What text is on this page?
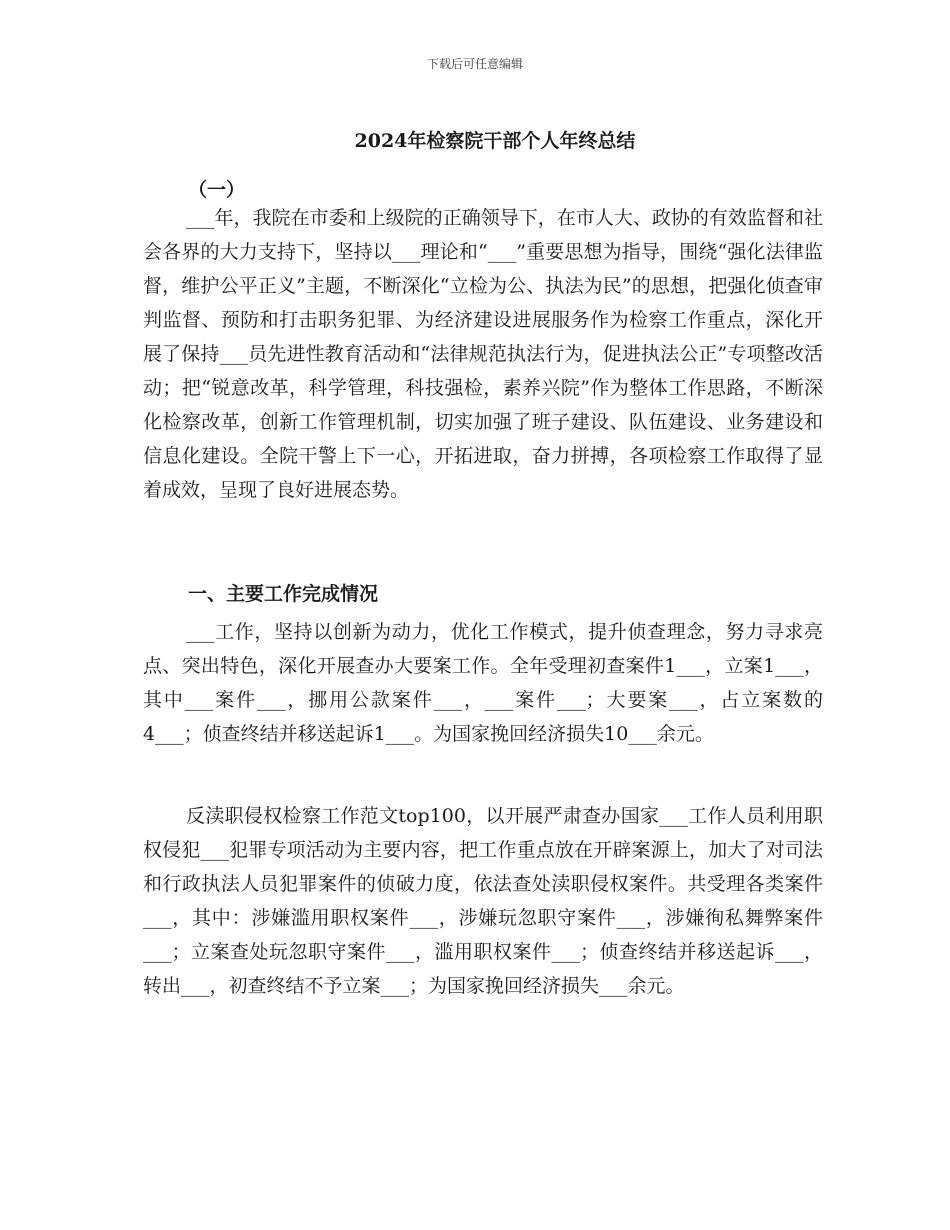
下载后可任意编辑
2024年检察院干部个人年终总结
（一）

___年，我院在市委和上级院的正确领导下，在市人大、政协的有效监督和社会各界的大力支持下，坚持以___理论和“___”重要思想为指导，围绕“强化法律监督，维护公平正义”主题，不断深化“立检为公、执法为民”的思想，把强化侦查审判监督、预防和打击职务犯罪、为经济建设进展服务作为检察工作重点，深化开展了保持___员先进性教育活动和“法律规范执法行为，促进执法公正”专项整改活动；把“锐意改革，科学管理，科技强检，素养兴院”作为整体工作思路，不断深化检察改革，创新工作管理机制，切实加强了班子建设、队伍建设、业务建设和信息化建设。全院干警上下一心，开拓进取，奋力拼搏，各项检察工作取得了显着成效，呈现了良好进展态势。

一、主要工作完成情况

___工作，坚持以创新为动力，优化工作模式，提升侦查理念，努力寻求亮点、突出特色，深化开展查办大要案工作。全年受理初查案件1___，立案1___，其中___案件___，挪用公款案件___，___案件___；大要案___，占立案数的4___；侦查终结并移送起诉1___。为国家挽回经济损失10___余元。

反渎职侵权检察工作范文top100，以开展严肃查办国家___工作人员利用职权侵犯___犯罪专项活动为主要内容，把工作重点放在开辟案源上，加大了对司法和行政执法人员犯罪案件的侦破力度，依法查处渎职侵权案件。共受理各类案件___，其中：涉嫌滥用职权案件___，涉嫌玩忽职守案件___，涉嫌徇私舞弊案件___；立案查处玩忽职守案件___，滥用职权案件___；侦查终结并移送起诉___，转出___，初查终结不予立案___；为国家挽回经济损失___余元。
